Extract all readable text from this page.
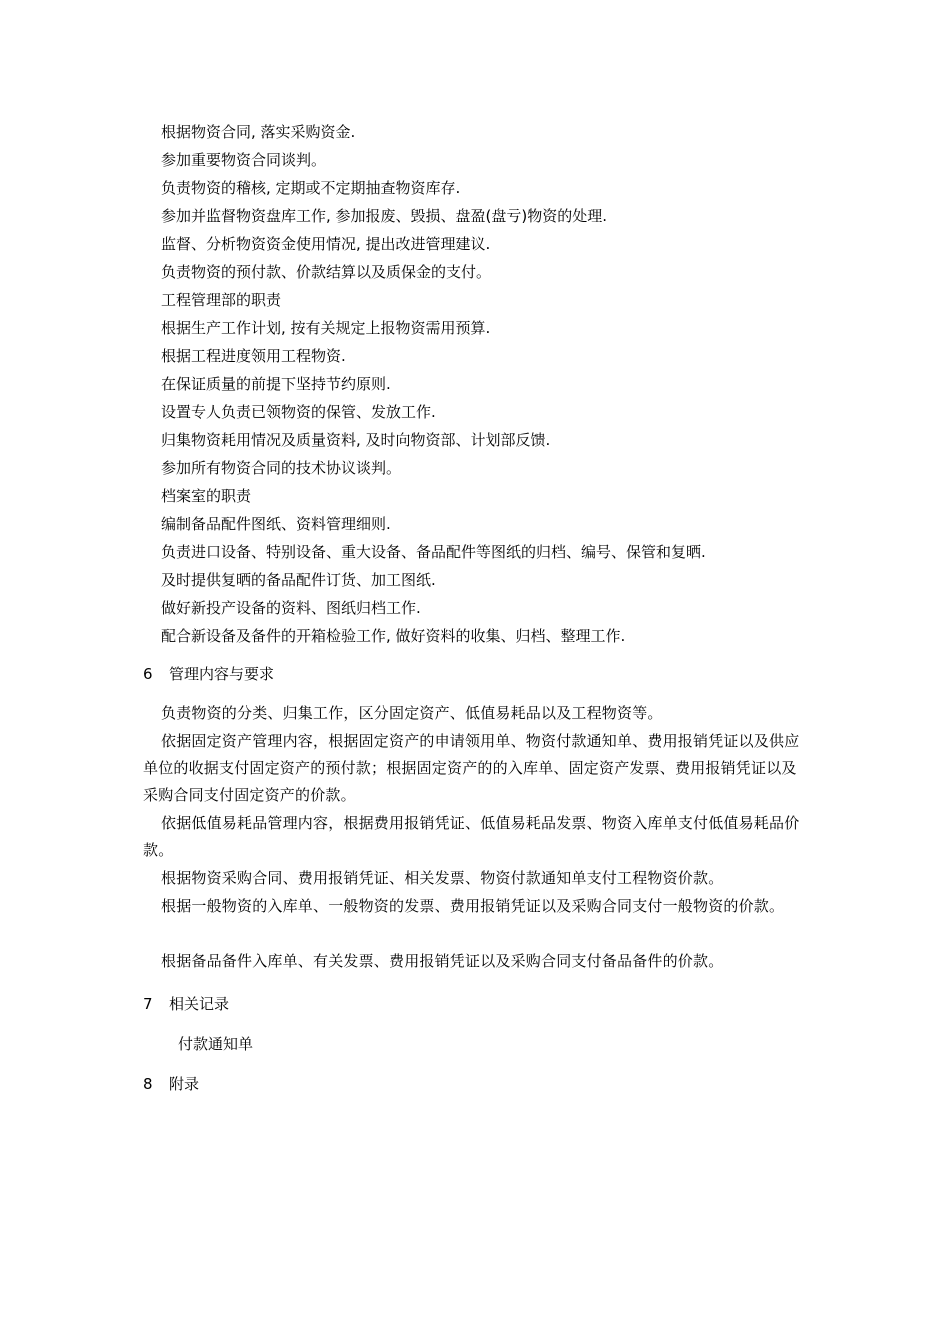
根据物资合同, 落实采购资金.
参加重要物资合同谈判。
负责物资的稽核, 定期或不定期抽查物资库存.
参加并监督物资盘库工作, 参加报废、毁损、盘盈(盘亏)物资的处理.
监督、分析物资资金使用情况, 提出改进管理建议.
负责物资的预付款、价款结算以及质保金的支付。
工程管理部的职责
根据生产工作计划, 按有关规定上报物资需用预算.
根据工程进度领用工程物资.
在保证质量的前提下坚持节约原则.
设置专人负责已领物资的保管、发放工作.
归集物资耗用情况及质量资料, 及时向物资部、计划部反馈.
参加所有物资合同的技术协议谈判。
档案室的职责
编制备品配件图纸、资料管理细则.
负责进口设备、特别设备、重大设备、备品配件等图纸的归档、编号、保管和复晒.
及时提供复晒的备品配件订货、加工图纸.
做好新投产设备的资料、图纸归档工作.
配合新设备及备件的开箱检验工作, 做好资料的收集、归档、整理工作.
6 管理内容与要求
负责物资的分类、归集工作，区分固定资产、低值易耗品以及工程物资等。
依据固定资产管理内容，根据固定资产的申请领用单、物资付款通知单、费用报销凭证以及供应单位的收据支付固定资产的预付款；根据固定资产的的入库单、固定资产发票、费用报销凭证以及采购合同支付固定资产的价款。
依据低值易耗品管理内容，根据费用报销凭证、低值易耗品发票、物资入库单支付低值易耗品价款。
根据物资采购合同、费用报销凭证、相关发票、物资付款通知单支付工程物资价款。
根据一般物资的入库单、一般物资的发票、费用报销凭证以及采购合同支付一般物资的价款。
根据备品备件入库单、有关发票、费用报销凭证以及采购合同支付备品备件的价款。
7 相关记录
付款通知单
8 附录
